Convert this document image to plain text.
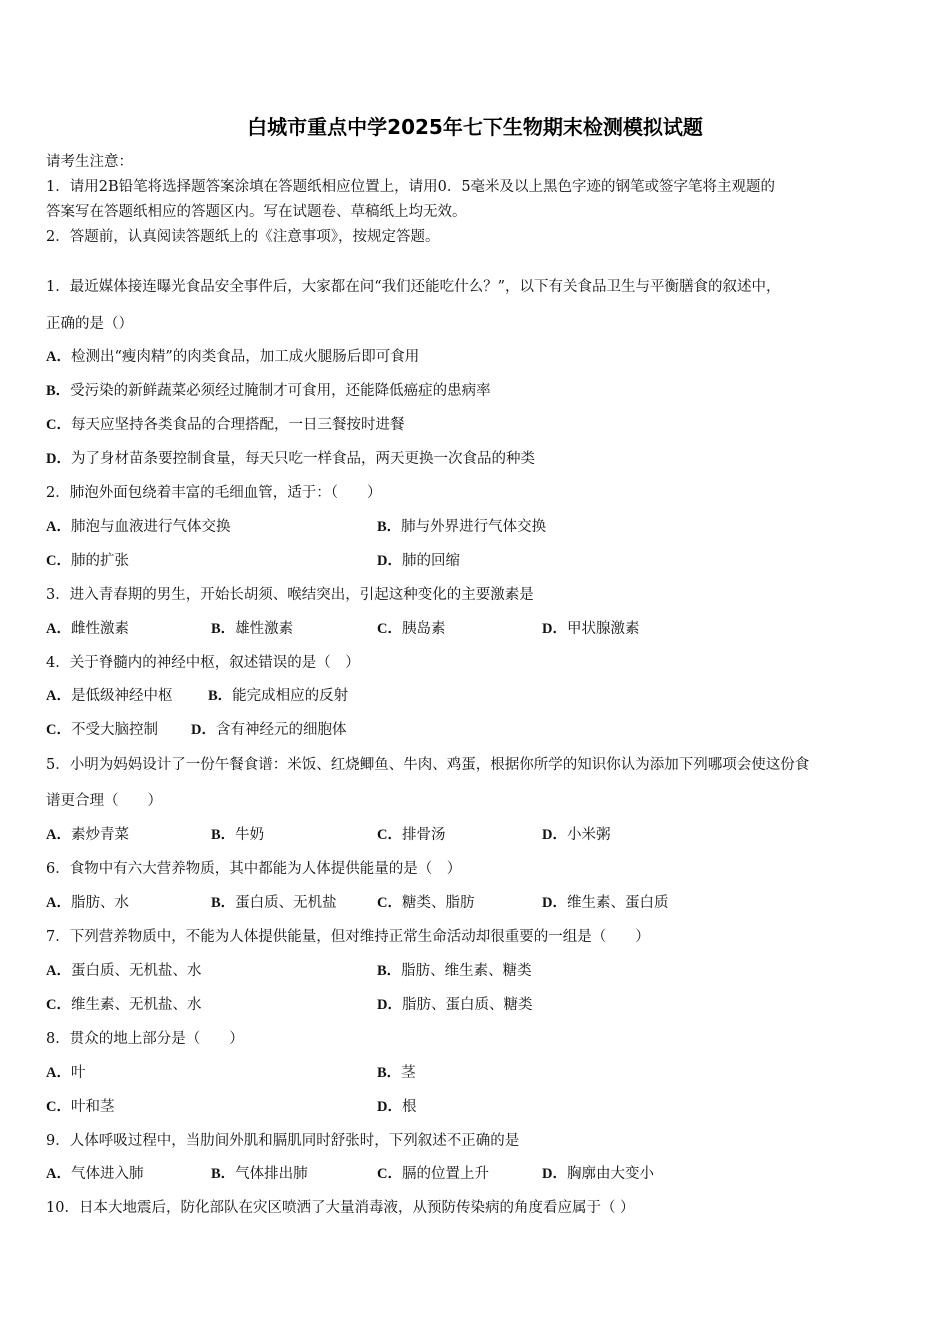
白城市重点中学2025年七下生物期末检测模拟试题
请考生注意：
1．请用2B铅笔将选择题答案涂填在答题纸相应位置上，请用0．5毫米及以上黑色字迹的钢笔或签字笔将主观题的
答案写在答题纸相应的答题区内。写在试题卷、草稿纸上均无效。
2．答题前，认真阅读答题纸上的《注意事项》，按规定答题。
1．最近媒体接连曝光食品安全事件后，大家都在问“我们还能吃什么？”，以下有关食品卫生与平衡膳食的叙述中，
正确的是（）
A．检测出“瘦肉精”的肉类食品，加工成火腿肠后即可食用
B．受污染的新鲜蔬菜必须经过腌制才可食用，还能降低癌症的患病率
C．每天应坚持各类食品的合理搭配，一日三餐按时进餐
D．为了身材苗条要控制食量，每天只吃一样食品，两天更换一次食品的种类
2．肺泡外面包绕着丰富的毛细血管，适于：（　　）
A．肺泡与血液进行气体交换	B．肺与外界进行气体交换
C．肺的扩张	D．肺的回缩
3．进入青春期的男生，开始长胡须、喉结突出，引起这种变化的主要激素是
A．雌性激素	B．雄性激素	C．胰岛素	D．甲状腺激素
4．关于脊髓内的神经中枢，叙述错误的是（　）
A．是低级神经中枢 B．能完成相应的反射
C．不受大脑控制 D．含有神经元的细胞体
5．小明为妈妈设计了一份午餐食谱：米饭、红烧鲫鱼、牛肉、鸡蛋，根据你所学的知识你认为添加下列哪项会使这份食
谱更合理（　　）
A．素炒青菜	B．牛奶	C．排骨汤	D．小米粥
6．食物中有六大营养物质，其中都能为人体提供能量的是（　）
A．脂肪、水	B．蛋白质、无机盐	C．糖类、脂肪	D．维生素、蛋白质
7．下列营养物质中，不能为人体提供能量，但对维持正常生命活动却很重要的一组是（　　）
A．蛋白质、无机盐、水	B．脂肪、维生素、糖类
C．维生素、无机盐、水	D．脂肪、蛋白质、糖类
8．贯众的地上部分是（　　）
A．叶	B．茎
C．叶和茎	D．根
9．人体呼吸过程中，当肋间外肌和膈肌同时舒张时，下列叙述不正确的是
A．气体进入肺	B．气体排出肺	C．膈的位置上升	D．胸廓由大变小
10．日本大地震后，防化部队在灾区喷洒了大量消毒液，从预防传染病的角度看应属于（ ）
